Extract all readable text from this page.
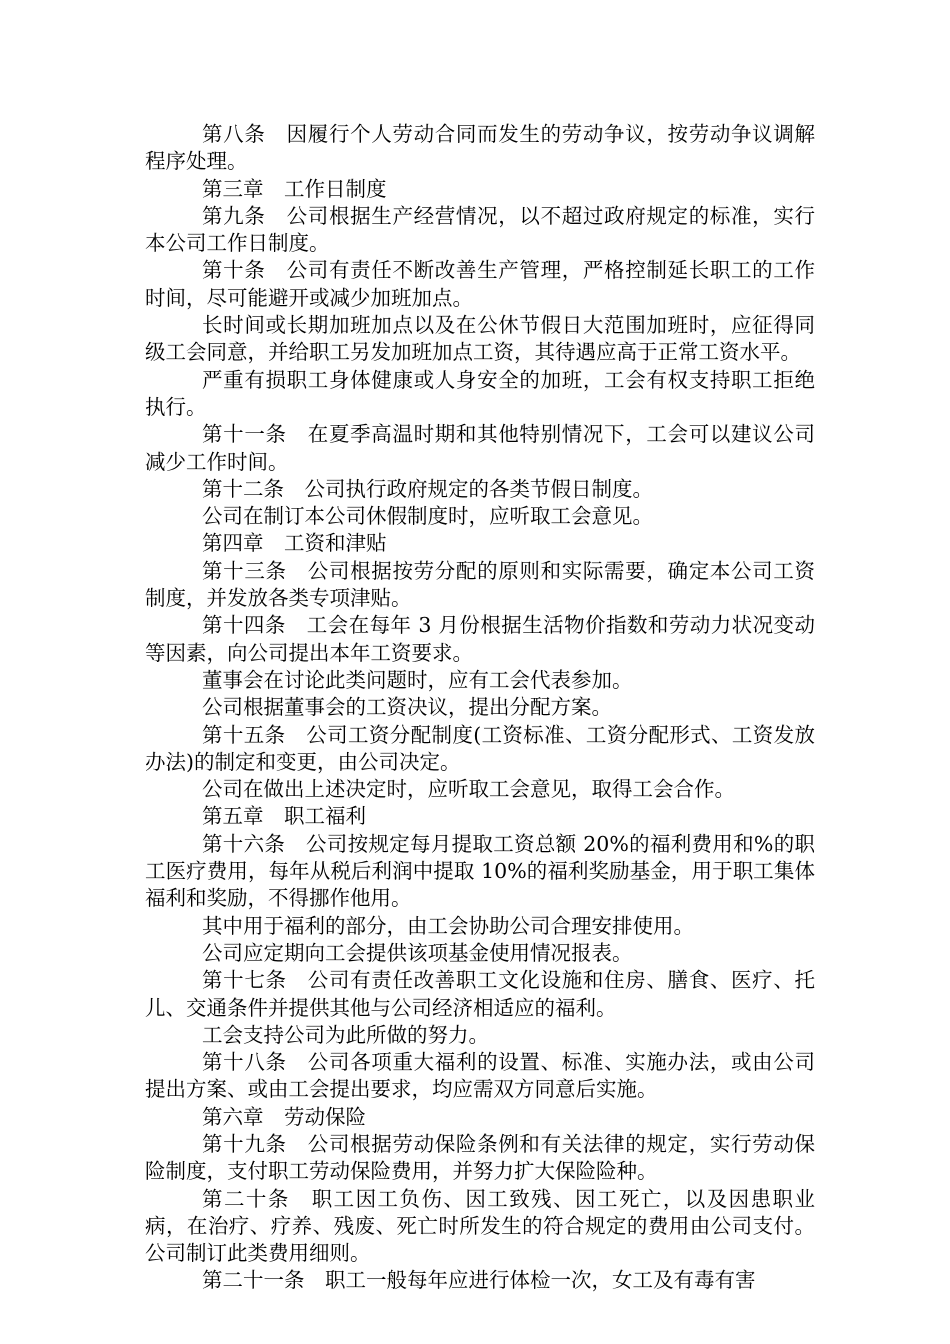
第八条　因履行个人劳动合同而发生的劳动争议，按劳动争议调解程序处理。

第三章　工作日制度

第九条　公司根据生产经营情况，以不超过政府规定的标准，实行本公司工作日制度。

第十条　公司有责任不断改善生产管理，严格控制延长职工的工作时间，尽可能避开或减少加班加点。

长时间或长期加班加点以及在公休节假日大范围加班时，应征得同级工会同意，并给职工另发加班加点工资，其待遇应高于正常工资水平。

严重有损职工身体健康或人身安全的加班，工会有权支持职工拒绝执行。

第十一条　在夏季高温时期和其他特别情况下，工会可以建议公司减少工作时间。

第十二条　公司执行政府规定的各类节假日制度。

公司在制订本公司休假制度时，应听取工会意见。

第四章　工资和津贴

第十三条　公司根据按劳分配的原则和实际需要，确定本公司工资制度，并发放各类专项津贴。

第十四条　工会在每年 3 月份根据生活物价指数和劳动力状况变动等因素，向公司提出本年工资要求。

董事会在讨论此类问题时，应有工会代表参加。

公司根据董事会的工资决议，提出分配方案。

第十五条　公司工资分配制度(工资标准、工资分配形式、工资发放办法)的制定和变更，由公司决定。

公司在做出上述决定时，应听取工会意见，取得工会合作。

第五章　职工福利

第十六条　公司按规定每月提取工资总额 20%的福利费用和%的职工医疗费用，每年从税后利润中提取 10%的福利奖励基金，用于职工集体福利和奖励，不得挪作他用。

其中用于福利的部分，由工会协助公司合理安排使用。

公司应定期向工会提供该项基金使用情况报表。

第十七条　公司有责任改善职工文化设施和住房、膳食、医疗、托儿、交通条件并提供其他与公司经济相适应的福利。

工会支持公司为此所做的努力。

第十八条　公司各项重大福利的设置、标准、实施办法，或由公司提出方案、或由工会提出要求，均应需双方同意后实施。

第六章　劳动保险

第十九条　公司根据劳动保险条例和有关法律的规定，实行劳动保险制度，支付职工劳动保险费用，并努力扩大保险险种。

第二十条　职工因工负伤、因工致残、因工死亡，以及因患职业病，在治疗、疗养、残废、死亡时所发生的符合规定的费用由公司支付。公司制订此类费用细则。

第二十一条　职工一般每年应进行体检一次，女工及有毒有害
